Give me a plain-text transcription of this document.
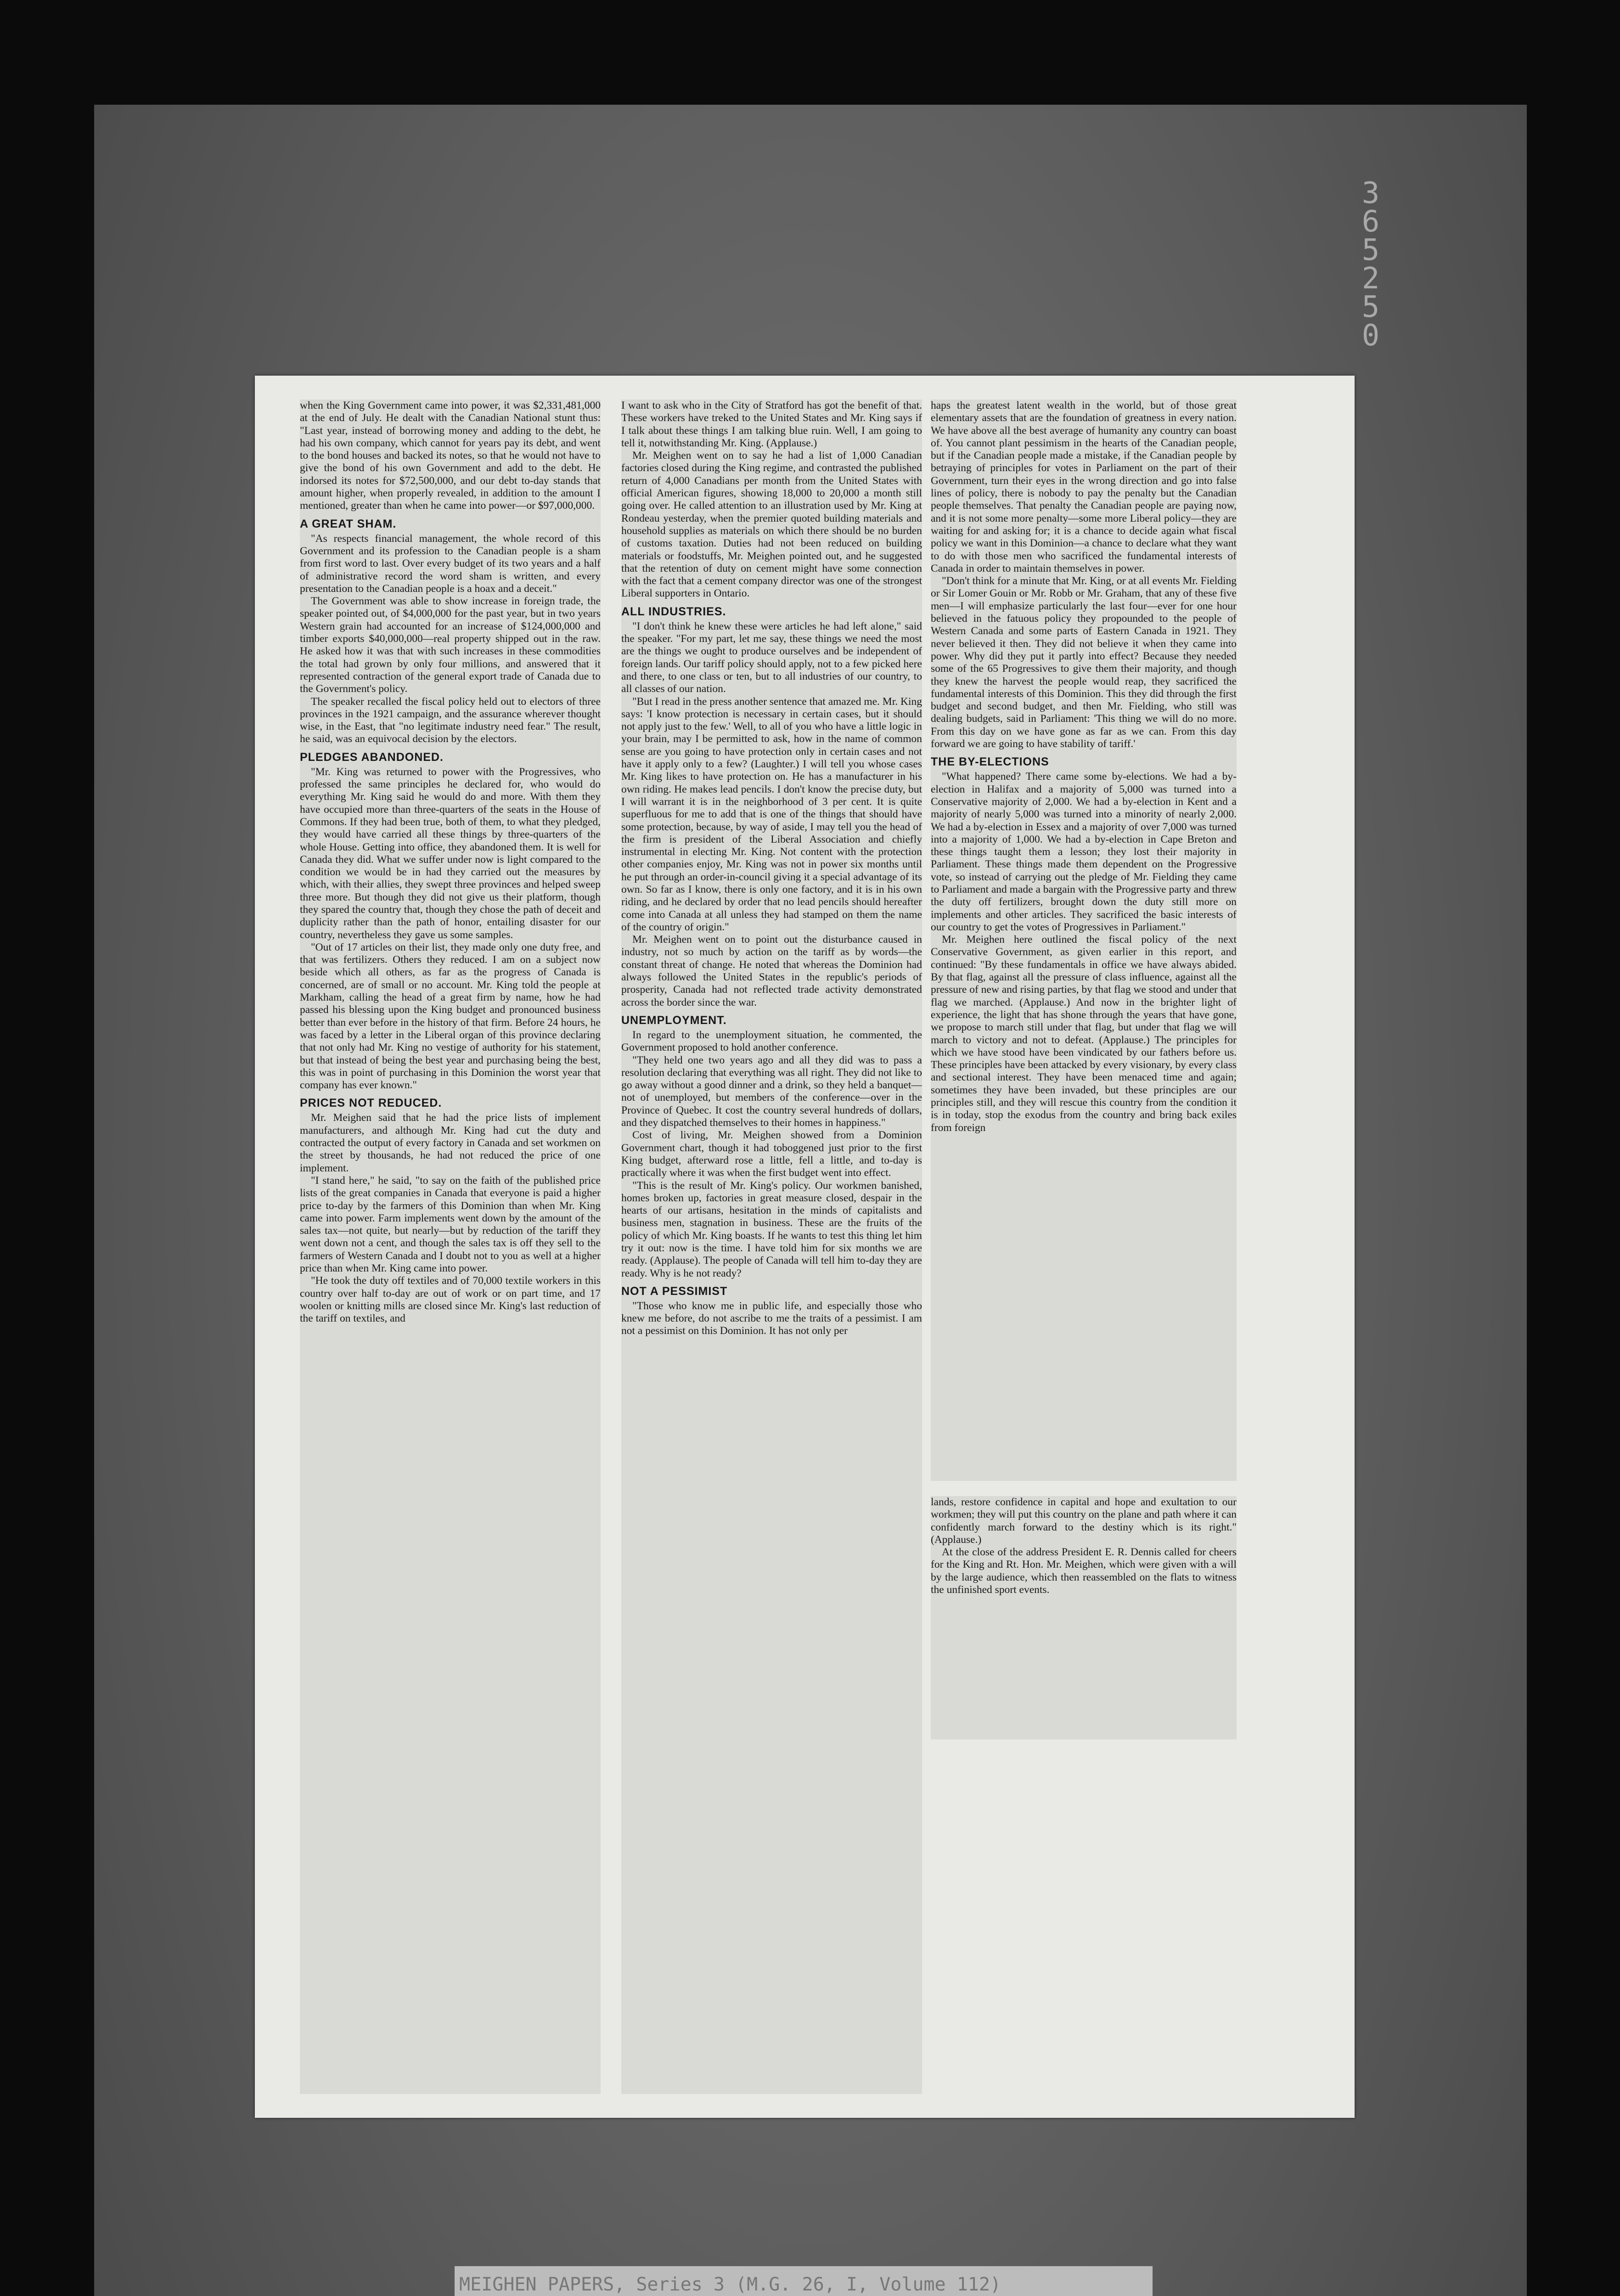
when the King Government came into power, it was $2,331,481,000 at the end of July. He dealt with the Canadian National stunt thus: "Last year, instead of borrowing money and adding to the debt, he had his own company, which cannot for years pay its debt, and went to the bond houses and backed its notes, so that he would not have to give the bond of his own Government and add to the debt. He indorsed its notes for $72,500,000, and our debt to-day stands that amount higher, when properly revealed, in addition to the amount I mentioned, greater than when he came into power—or $97,000,000.

A GREAT SHAM.

"As respects financial management, the whole record of this Government and its profession to the Canadian people is a sham from first word to last. Over every budget of its two years and a half of administrative record the word sham is written, and every presentation to the Canadian people is a hoax and a deceit."

The Government was able to show increase in foreign trade, the speaker pointed out, of $4,000,000 for the past year, but in two years Western grain had accounted for an increase of $124,000,000 and timber exports $40,000,000—real property shipped out in the raw. He asked how it was that with such increases in these commodities the total had grown by only four millions, and answered that it represented contraction of the general export trade of Canada due to the Government's policy.

The speaker recalled the fiscal policy held out to electors of three provinces in the 1921 campaign, and the assurance wherever thought wise, in the East, that "no legitimate industry need fear." The result, he said, was an equivocal decision by the electors.

PLEDGES ABANDONED.

"Mr. King was returned to power with the Progressives, who professed the same principles he declared for, who would do everything Mr. King said he would do and more. With them they have occupied more than three-quarters of the seats in the House of Commons. If they had been true, both of them, to what they pledged, they would have carried all these things by three-quarters of the whole House. Getting into office, they abandoned them. It is well for Canada they did. What we suffer under now is light compared to the condition we would be in had they carried out the measures by which, with their allies, they swept three provinces and helped sweep three more. But though they did not give us their platform, though they spared the country that, though they chose the path of deceit and duplicity rather than the path of honor, entailing disaster for our country, nevertheless they gave us some samples.

"Out of 17 articles on their list, they made only one duty free, and that was fertilizers. Others they reduced. I am on a subject now beside which all others, as far as the progress of Canada is concerned, are of small or no account. Mr. King told the people at Markham, calling the head of a great firm by name, how he had passed his blessing upon the King budget and pronounced business better than ever before in the history of that firm. Before 24 hours, he was faced by a letter in the Liberal organ of this province declaring that not only had Mr. King no vestige of authority for his statement, but that instead of being the best year and purchasing being the best, this was in point of purchasing in this Dominion the worst year that company has ever known."

PRICES NOT REDUCED.

Mr. Meighen said that he had the price lists of implement manufacturers, and although Mr. King had cut the duty and contracted the output of every factory in Canada and set workmen on the street by thousands, he had not reduced the price of one implement.

"I stand here," he said, "to say on the faith of the published price lists of the great companies in Canada that everyone is paid a higher price to-day by the farmers of this Dominion than when Mr. King came into power. Farm implements went down by the amount of the sales tax—not quite, but nearly—but by reduction of the tariff they went down not a cent, and though the sales tax is off they sell to the farmers of Western Canada and I doubt not to you as well at a higher price than when Mr. King came into power.

"He took the duty off textiles and of 70,000 textile workers in this country over half to-day are out of work or on part time, and 17 woolen or knitting mills are closed since Mr. King's last reduction of the tariff on textiles, and

I want to ask who in the City of Stratford has got the benefit of that. These workers have treked to the United States and Mr. King says if I talk about these things I am talking blue ruin. Well, I am going to tell it, notwithstanding Mr. King. (Applause.)

Mr. Meighen went on to say he had a list of 1,000 Canadian factories closed during the King regime, and contrasted the published return of 4,000 Canadians per month from the United States with official American figures, showing 18,000 to 20,000 a month still going over. He called attention to an illustration used by Mr. King at Rondeau yesterday, when the premier quoted building materials and household supplies as materials on which there should be no burden of customs taxation. Duties had not been reduced on building materials or foodstuffs, Mr. Meighen pointed out, and he suggested that the retention of duty on cement might have some connection with the fact that a cement company director was one of the strongest Liberal supporters in Ontario.

ALL INDUSTRIES.

"I don't think he knew these were articles he had left alone," said the speaker. "For my part, let me say, these things we need the most are the things we ought to produce ourselves and be independent of foreign lands. Our tariff policy should apply, not to a few picked here and there, to one class or ten, but to all industries of our country, to all classes of our nation.

"But I read in the press another sentence that amazed me. Mr. King says: 'I know protection is necessary in certain cases, but it should not apply just to the few.' Well, to all of you who have a little logic in your brain, may I be permitted to ask, how in the name of common sense are you going to have protection only in certain cases and not have it apply only to a few? (Laughter.) I will tell you whose cases Mr. King likes to have protection on. He has a manufacturer in his own riding. He makes lead pencils. I don't know the precise duty, but I will warrant it is in the neighborhood of 3 per cent. It is quite superfluous for me to add that is one of the things that should have some protection, because, by way of aside, I may tell you the head of the firm is president of the Liberal Association and chiefly instrumental in electing Mr. King. Not content with the protection other companies enjoy, Mr. King was not in power six months until he put through an order-in-council giving it a special advantage of its own. So far as I know, there is only one factory, and it is in his own riding, and he declared by order that no lead pencils should hereafter come into Canada at all unless they had stamped on them the name of the country of origin."

Mr. Meighen went on to point out the disturbance caused in industry, not so much by action on the tariff as by words—the constant threat of change. He noted that whereas the Dominion had always followed the United States in the republic's periods of prosperity, Canada had not reflected trade activity demonstrated across the border since the war.

UNEMPLOYMENT.

In regard to the unemployment situation, he commented, the Government proposed to hold another conference.

"They held one two years ago and all they did was to pass a resolution declaring that everything was all right. They did not like to go away without a good dinner and a drink, so they held a banquet—not of unemployed, but members of the conference—over in the Province of Quebec. It cost the country several hundreds of dollars, and they dispatched themselves to their homes in happiness."

Cost of living, Mr. Meighen showed from a Dominion Government chart, though it had toboggened just prior to the first King budget, afterward rose a little, fell a little, and to-day is practically where it was when the first budget went into effect.

"This is the result of Mr. King's policy. Our workmen banished, homes broken up, factories in great measure closed, despair in the hearts of our artisans, hesitation in the minds of capitalists and business men, stagnation in business. These are the fruits of the policy of which Mr. King boasts. If he wants to test this thing let him try it out: now is the time. I have told him for six months we are ready. (Applause). The people of Canada will tell him to-day they are ready. Why is he not ready?

NOT A PESSIMIST

"Those who know me in public life, and especially those who knew me before, do not ascribe to me the traits of a pessimist. I am not a pessimist on this Dominion. It has not only per

haps the greatest latent wealth in the world, but of those great elementary assets that are the foundation of greatness in every nation. We have above all the best average of humanity any country can boast of. You cannot plant pessimism in the hearts of the Canadian people, but if the Canadian people made a mistake, if the Canadian people by betraying of principles for votes in Parliament on the part of their Government, turn their eyes in the wrong direction and go into false lines of policy, there is nobody to pay the penalty but the Canadian people themselves. That penalty the Canadian people are paying now, and it is not some more penalty—some more Liberal policy—they are waiting for and asking for; it is a chance to decide again what fiscal policy we want in this Dominion—a chance to declare what they want to do with those men who sacrificed the fundamental interests of Canada in order to maintain themselves in power.

"Don't think for a minute that Mr. King, or at all events Mr. Fielding or Sir Lomer Gouin or Mr. Robb or Mr. Graham, that any of these five men—I will emphasize particularly the last four—ever for one hour believed in the fatuous policy they propounded to the people of Western Canada and some parts of Eastern Canada in 1921. They never believed it then. They did not believe it when they came into power. Why did they put it partly into effect? Because they needed some of the 65 Progressives to give them their majority, and though they knew the harvest the people would reap, they sacrificed the fundamental interests of this Dominion. This they did through the first budget and second budget, and then Mr. Fielding, who still was dealing budgets, said in Parliament: 'This thing we will do no more. From this day on we have gone as far as we can. From this day forward we are going to have stability of tariff.'

THE BY-ELECTIONS

"What happened? There came some by-elections. We had a by-election in Halifax and a majority of 5,000 was turned into a Conservative majority of 2,000. We had a by-election in Kent and a majority of nearly 5,000 was turned into a minority of nearly 2,000. We had a by-election in Essex and a majority of over 7,000 was turned into a majority of 1,000. We had a by-election in Cape Breton and these things taught them a lesson; they lost their majority in Parliament. These things made them dependent on the Progressive vote, so instead of carrying out the pledge of Mr. Fielding they came to Parliament and made a bargain with the Progressive party and threw the duty off fertilizers, brought down the duty still more on implements and other articles. They sacrificed the basic interests of our country to get the votes of Progressives in Parliament."

Mr. Meighen here outlined the fiscal policy of the next Conservative Government, as given earlier in this report, and continued: "By these fundamentals in office we have always abided. By that flag, against all the pressure of class influence, against all the pressure of new and rising parties, by that flag we stood and under that flag we marched. (Applause.) And now in the brighter light of experience, the light that has shone through the years that have gone, we propose to march still under that flag, but under that flag we will march to victory and not to defeat. (Applause.) The principles for which we have stood have been vindicated by our fathers before us. These principles have been attacked by every visionary, by every class and sectional interest. They have been menaced time and again; sometimes they have been invaded, but these principles are our principles still, and they will rescue this country from the condition it is in today, stop the exodus from the country and bring back exiles from foreign

lands, restore confidence in capital and hope and exultation to our workmen; they will put this country on the plane and path where it can confidently march forward to the destiny which is its right." (Applause.)

At the close of the address President E. R. Dennis called for cheers for the King and Rt. Hon. Mr. Meighen, which were given with a will by the large audience, which then reassembled on the flats to witness the unfinished sport events.

365250
MEIGHEN PAPERS, Series 3 (M.G. 26, I, Volume 112)
